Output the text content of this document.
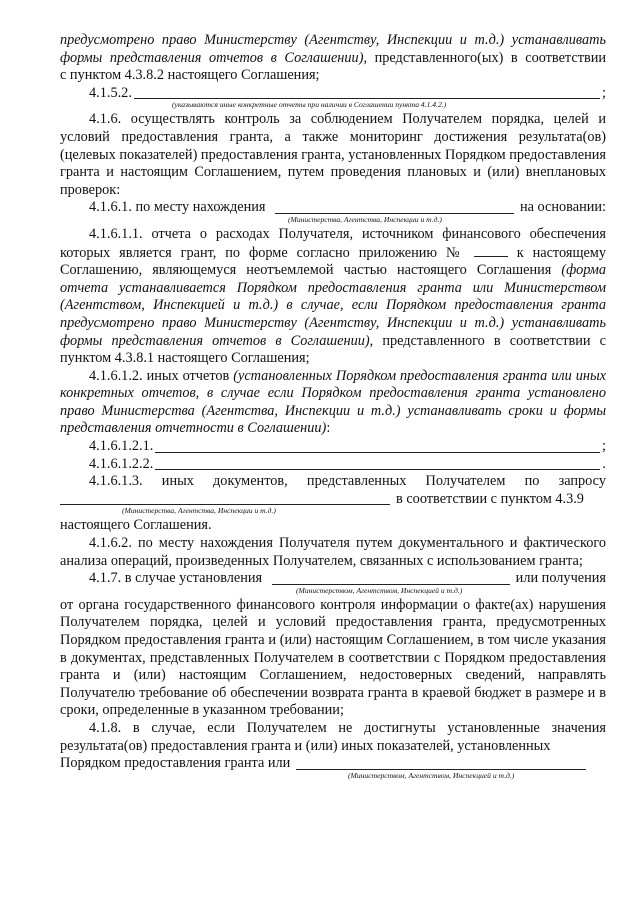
предусмотрено право Министерству (Агентству, Инспекции и т.д.) устанавливать

формы представления отчетов в Соглашении), представленного(ых) в соответствии

с пунктом 4.3.8.2 настоящего Соглашения;

4.1.5.2.	;
(указываются иные конкретные отчеты при наличии в Соглашении пункта 4.1.4.2.)

4.1.6. осуществлять контроль за соблюдением Получателем порядка, целей и условий предоставления гранта, а также мониторинг достижения результата(ов) (целевых показателей) предоставления гранта, установленных Порядком предоставления гранта и настоящим Соглашением, путем проведения плановых и (или) внеплановых проверок:

4.1.6.1. по месту нахождения	на основании:
(Министерства, Агентства, Инспекции и т.д.)

4.1.6.1.1. отчета о расходах Получателя, источником финансового обеспечения которых является грант, по форме согласно приложению №	к настоящему Соглашению, являющемуся неотъемлемой частью настоящего Соглашения (форма отчета устанавливается Порядком предоставления гранта или Министерством (Агентством, Инспекцией и т.д.) в случае, если Порядком предоставления гранта предусмотрено право Министерству (Агентству, Инспекции и т.д.) устанавливать формы представления отчетов в Соглашении), представленного в соответствии с пунктом 4.3.8.1 настоящего Соглашения;

4.1.6.1.2. иных отчетов (установленных Порядком предоставления гранта или иных конкретных отчетов, в случае если Порядком предоставления гранта установлено право Министерства (Агентства, Инспекции и т.д.) устанавливать сроки и формы представления отчетности в Соглашении):

4.1.6.1.2.1.	;
4.1.6.1.2.2.	.

4.1.6.1.3. иных документов, представленных Получателем по запросу

в соответствии с пунктом 4.3.9
(Министерства, Агентства, Инспекции и т.д.)

настоящего Соглашения.

4.1.6.2. по месту нахождения Получателя путем документального и фактического анализа операций, произведенных Получателем, связанных с использованием гранта;

4.1.7. в случае установления	или получения
(Министерством, Агентством, Инспекцией и т.д.)

от органа государственного финансового контроля информации о факте(ах) нарушения Получателем порядка, целей и условий предоставления гранта, предусмотренных Порядком предоставления гранта и (или) настоящим Соглашением, в том числе указания в документах, представленных Получателем в соответствии с Порядком предоставления гранта и (или) настоящим Соглашением, недостоверных сведений, направлять Получателю требование об обеспечении возврата гранта в краевой бюджет в размере и в сроки, определенные в указанном требовании;

4.1.8. в случае, если Получателем не достигнуты установленные значения результата(ов) предоставления гранта и (или) иных показателей, установленных

Порядком предоставления гранта или
(Министерством, Агентством, Инспекцией и т.д.)
